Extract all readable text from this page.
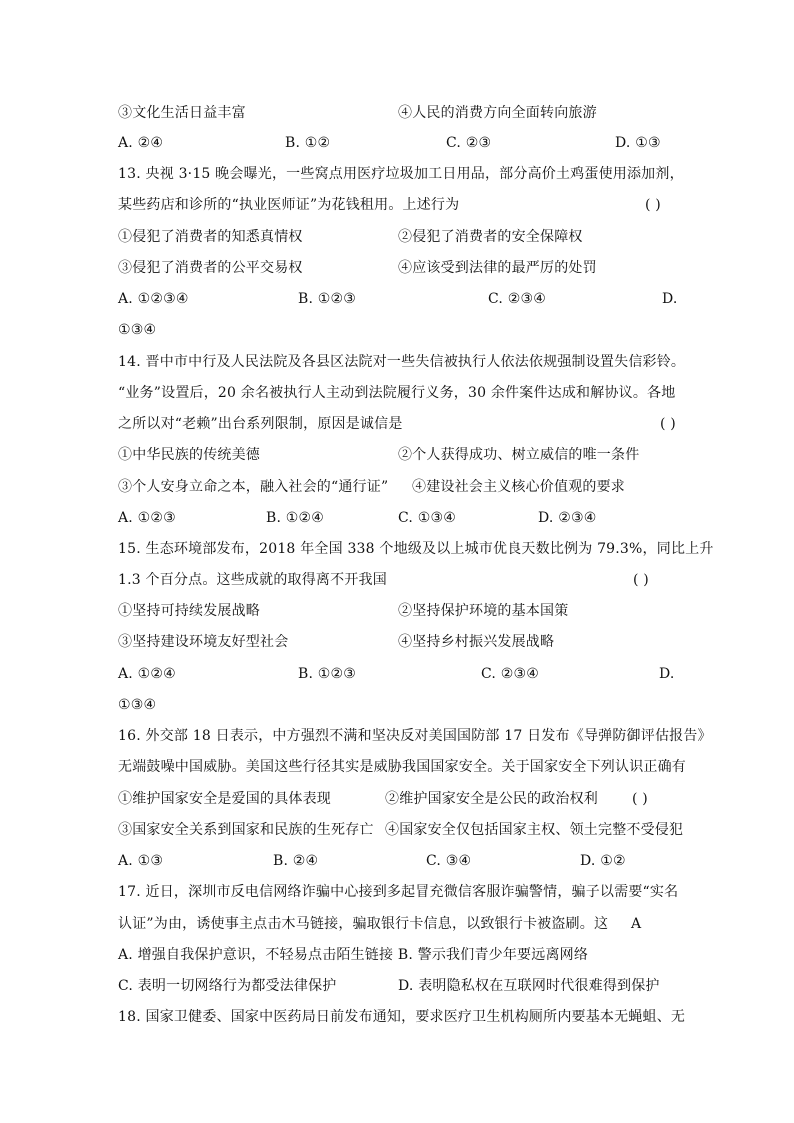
③文化生活日益丰富	④人民的消费方向全面转向旅游
A. ②④	B. ①②	C. ②③	D. ①③
13. 央视 3·15 晚会曝光，一些窝点用医疗垃圾加工日用品，部分高价土鸡蛋使用添加剂，
某些药店和诊所的“执业医师证”为花钱租用。上述行为	( )
①侵犯了消费者的知悉真情权	②侵犯了消费者的安全保障权
③侵犯了消费者的公平交易权	④应该受到法律的最严厉的处罚
A. ①②③④	B. ①②③	C. ②③④	D.
①③④
14. 晋中市中行及人民法院及各县区法院对一些失信被执行人依法依规强制设置失信彩铃。
“业务”设置后，20 余名被执行人主动到法院履行义务，30 余件案件达成和解协议。各地
之所以对“老赖”出台系列限制，原因是诚信是	( )
①中华民族的传统美德	②个人获得成功、树立威信的唯一条件
③个人安身立命之本，融入社会的“通行证” ④建设社会主义核心价值观的要求
A. ①②③	B. ①②④	C. ①③④	D. ②③④
15. 生态环境部发布，2018 年全国 338 个地级及以上城市优良天数比例为 79.3%，同比上升
1.3 个百分点。这些成就的取得离不开我国	( )
①坚持可持续发展战略	②坚持保护环境的基本国策
③坚持建设环境友好型社会	④坚持乡村振兴发展战略
A. ①②④	B. ①②③	C. ②③④	D.
①③④
16. 外交部 18 日表示，中方强烈不满和坚决反对美国国防部 17 日发布《导弹防御评估报告》
无端鼓噪中国威胁。美国这些行径其实是威胁我国国家安全。关于国家安全下列认识正确有
①维护国家安全是爱国的具体表现	②维护国家安全是公民的政治权利 ( )
③国家安全关系到国家和民族的生死存亡 ④国家安全仅包括国家主权、领土完整不受侵犯
A. ①③	B. ②④	C. ③④	D. ①②
17. 近日，深圳市反电信网络诈骗中心接到多起冒充微信客服诈骗警情，骗子以需要“实名
认证”为由，诱使事主点击木马链接，骗取银行卡信息，以致银行卡被盗刷。这 A
A. 增强自我保护意识，不轻易点击陌生链接 B. 警示我们青少年要远离网络
C. 表明一切网络行为都受法律保护	D. 表明隐私权在互联网时代很难得到保护
18. 国家卫健委、国家中医药局日前发布通知，要求医疗卫生机构厕所内要基本无蝇蛆、无
